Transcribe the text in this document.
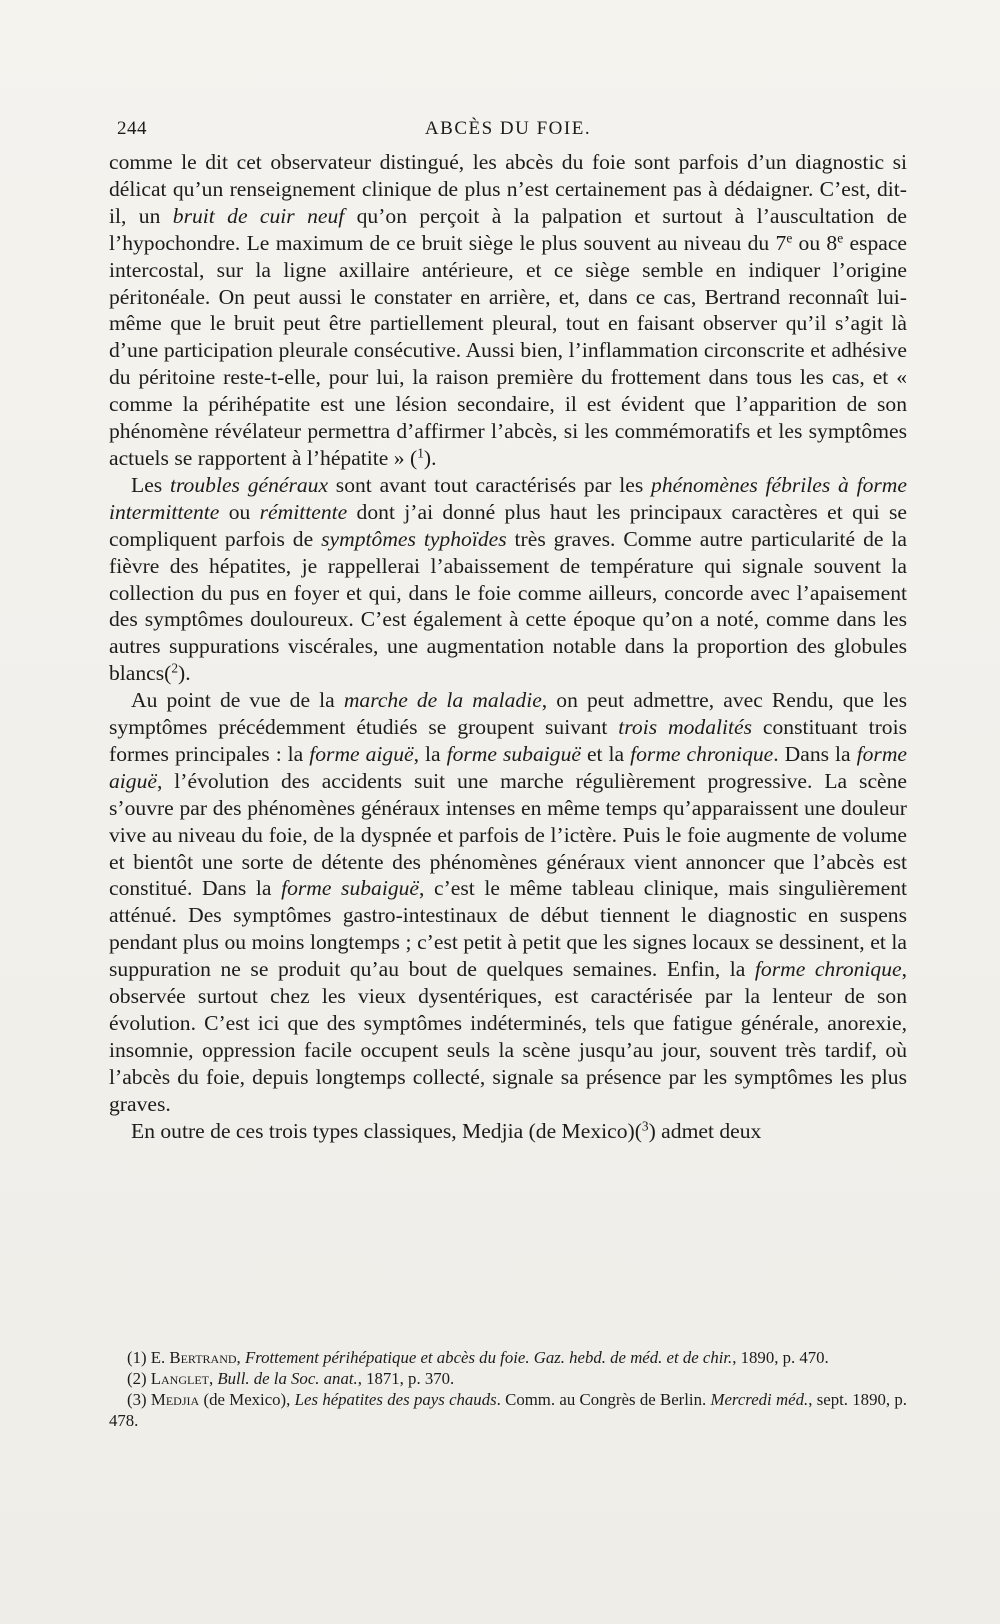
244	ABCÈS DU FOIE.

comme le dit cet observateur distingué, les abcès du foie sont parfois d’un diagnostic si délicat qu’un renseignement clinique de plus n’est certainement pas à dédaigner. C’est, dit-il, un bruit de cuir neuf qu’on perçoit à la palpation et surtout à l’auscultation de l’hypochondre. Le maximum de ce bruit siège le plus souvent au niveau du 7e ou 8e espace intercostal, sur la ligne axillaire antérieure, et ce siège semble en indiquer l’origine péritonéale. On peut aussi le constater en arrière, et, dans ce cas, Bertrand reconnaît lui-même que le bruit peut être partiellement pleural, tout en faisant observer qu’il s’agit là d’une participation pleurale consécutive. Aussi bien, l’inflammation circonscrite et adhésive du péritoine reste-t-elle, pour lui, la raison première du frottement dans tous les cas, et « comme la périhépatite est une lésion secondaire, il est évident que l’apparition de son phénomène révélateur permettra d’affirmer l’abcès, si les commémoratifs et les symptômes actuels se rapportent à l’hépatite » ($^1$).

Les troubles généraux sont avant tout caractérisés par les phénomènes fébriles à forme intermittente ou rémittente dont j’ai donné plus haut les principaux caractères et qui se compliquent parfois de symptômes typhoïdes très graves. Comme autre particularité de la fièvre des hépatites, je rappellerai l’abaissement de température qui signale souvent la collection du pus en foyer et qui, dans le foie comme ailleurs, concorde avec l’apaisement des symptômes douloureux. C’est également à cette époque qu’on a noté, comme dans les autres suppurations viscérales, une augmentation notable dans la proportion des globules blancs($^2$).

Au point de vue de la marche de la maladie, on peut admettre, avec Rendu, que les symptômes précédemment étudiés se groupent suivant trois modalités constituant trois formes principales : la forme aiguë, la forme subaiguë et la forme chronique. Dans la forme aiguë, l’évolution des accidents suit une marche régulièrement progressive. La scène s’ouvre par des phénomènes généraux intenses en même temps qu’apparaissent une douleur vive au niveau du foie, de la dyspnée et parfois de l’ictère. Puis le foie augmente de volume et bientôt une sorte de détente des phénomènes généraux vient annoncer que l’abcès est constitué. Dans la forme subaiguë, c’est le même tableau clinique, mais singulièrement atténué. Des symptômes gastro-intestinaux de début tiennent le diagnostic en suspens pendant plus ou moins longtemps ; c’est petit à petit que les signes locaux se dessinent, et la suppuration ne se produit qu’au bout de quelques semaines. Enfin, la forme chronique, observée surtout chez les vieux dysentériques, est caractérisée par la lenteur de son évolution. C’est ici que des symptômes indéterminés, tels que fatigue générale, anorexie, insomnie, oppression facile occupent seuls la scène jusqu’au jour, souvent très tardif, où l’abcès du foie, depuis longtemps collecté, signale sa présence par les symptômes les plus graves.

En outre de ces trois types classiques, Medjia (de Mexico)($^3$) admet deux

(1) E. Bertrand, Frottement périhépatique et abcès du foie. Gaz. hebd. de méd. et de chir., 1890, p. 470.

(2) Langlet, Bull. de la Soc. anat., 1871, p. 370.

(3) Medjia (de Mexico), Les hépatites des pays chauds. Comm. au Congrès de Berlin. Mercredi méd., sept. 1890, p. 478.
